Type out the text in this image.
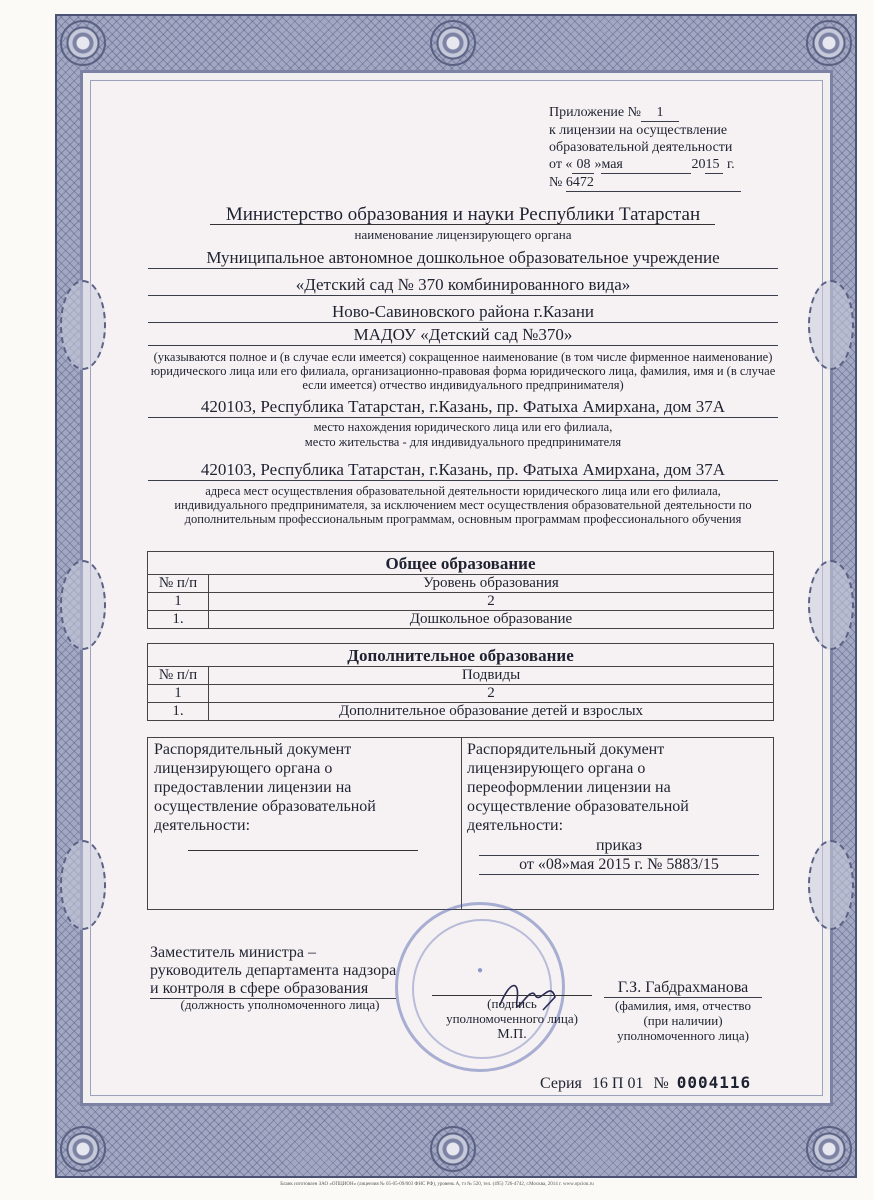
Приложение № 1
к лицензии на осуществление
образовательной деятельности
от « 08 »мая	2015 г.
№ 6472
Министерство образования и науки Республики Татарстан
наименование лицензирующего органа
Муниципальное автономное дошкольное образовательное учреждение
«Детский сад № 370 комбинированного вида»
Ново-Савиновского района г.Казани
МАДОУ «Детский сад №370»
(указываются полное и (в случае если имеется) сокращенное наименование (в том числе фирменное наименование) юридического лица или его филиала, организационно-правовая форма юридического лица, фамилия, имя и (в случае если имеется) отчество индивидуального предпринимателя)
420103, Республика Татарстан, г.Казань, пр. Фатыха Амирхана, дом 37А
место нахождения юридического лица или его филиала,
место жительства - для индивидуального предпринимателя
420103, Республика Татарстан, г.Казань, пр. Фатыха Амирхана, дом 37А
адреса мест осуществления образовательной деятельности юридического лица или его филиала, индивидуального предпринимателя, за исключением мест осуществления образовательной деятельности по дополнительным профессиональным программам, основным программам профессионального обучения
Общее образование	
№ п/п	Уровень образования
1	2
1.	Дошкольное образование
Дополнительное образование	
№ п/п	Подвиды
1	2
1.	Дополнительное образование детей и взрослых
Распорядительный документ лицензирующего органа о предоставлении лицензии на осуществление образовательной деятельности:
Распорядительный документ лицензирующего органа о переоформлении лицензии на осуществление образовательной деятельности:
приказ
от «08»мая 2015 г. № 5883/15
●
Заместитель министра –
руководитель департамента надзора
и контроля в сфере образования
(должность уполномоченного лица)	(подпись
уполномоченного лица)
М.П.
Г.З. Габдрахманова
(фамилия, имя, отчество
(при наличии)
уполномоченного лица)
Серия 16 П 01 № 0004116
Бланк изготовлен ЗАО «ОПЦИОН» (лицензия № 05-05-09/003 ФНС РФ), уровень А, тз № 520, тел. (495) 726-4742, г.Москва, 2014 г. www.opcion.ru
